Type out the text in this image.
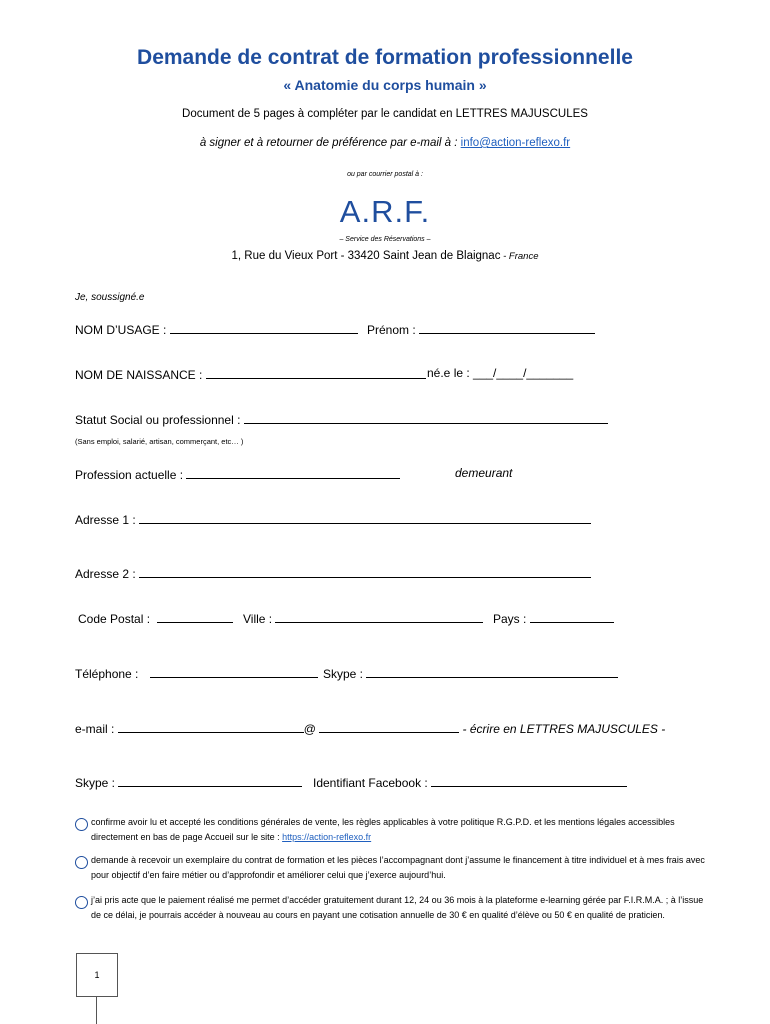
Demande de contrat de formation professionnelle
« Anatomie du corps humain »
Document de 5 pages à compléter par le candidat en LETTRES MAJUSCULES
à signer et à retourner de préférence par e-mail à : info@action-reflexo.fr
ou par courrier postal à :
A.R.F.
– Service des Réservations –
1, Rue du Vieux Port - 33420 Saint Jean de Blaignac - France
Je, soussigné.e
NOM D’USAGE :	Prénom :
NOM DE NAISSANCE :	né.e le : ___/____/_______
Statut Social ou professionnel :
(Sans emploi, salarié, artisan, commerçant, etc… )
Profession actuelle :	demeurant
Adresse 1 :
Adresse 2 :
Code Postal :	Ville :	Pays :
Téléphone :	Skype :
e-mail :	@	- écrire en LETTRES MAJUSCULES -
Skype :	Identifiant Facebook :
confirme avoir lu et accepté les conditions générales de vente, les règles applicables à votre politique R.G.P.D. et les mentions légales accessibles directement en bas de page Accueil sur le site : https://action-reflexo.fr
demande à recevoir un exemplaire du contrat de formation et les pièces l’accompagnant dont j’assume le financement à titre individuel et à mes frais avec pour objectif d’en faire métier ou d’approfondir et améliorer celui que j’exerce aujourd’hui.
j’ai pris acte que le paiement réalisé me permet d’accéder gratuitement durant 12, 24 ou 36 mois à la plateforme e-learning gérée par F.I.R.M.A. ; à l’issue de ce délai, je pourrais accéder à nouveau au cours en payant une cotisation annuelle de 30 € en qualité d’élève ou 50 € en qualité de praticien.
1
